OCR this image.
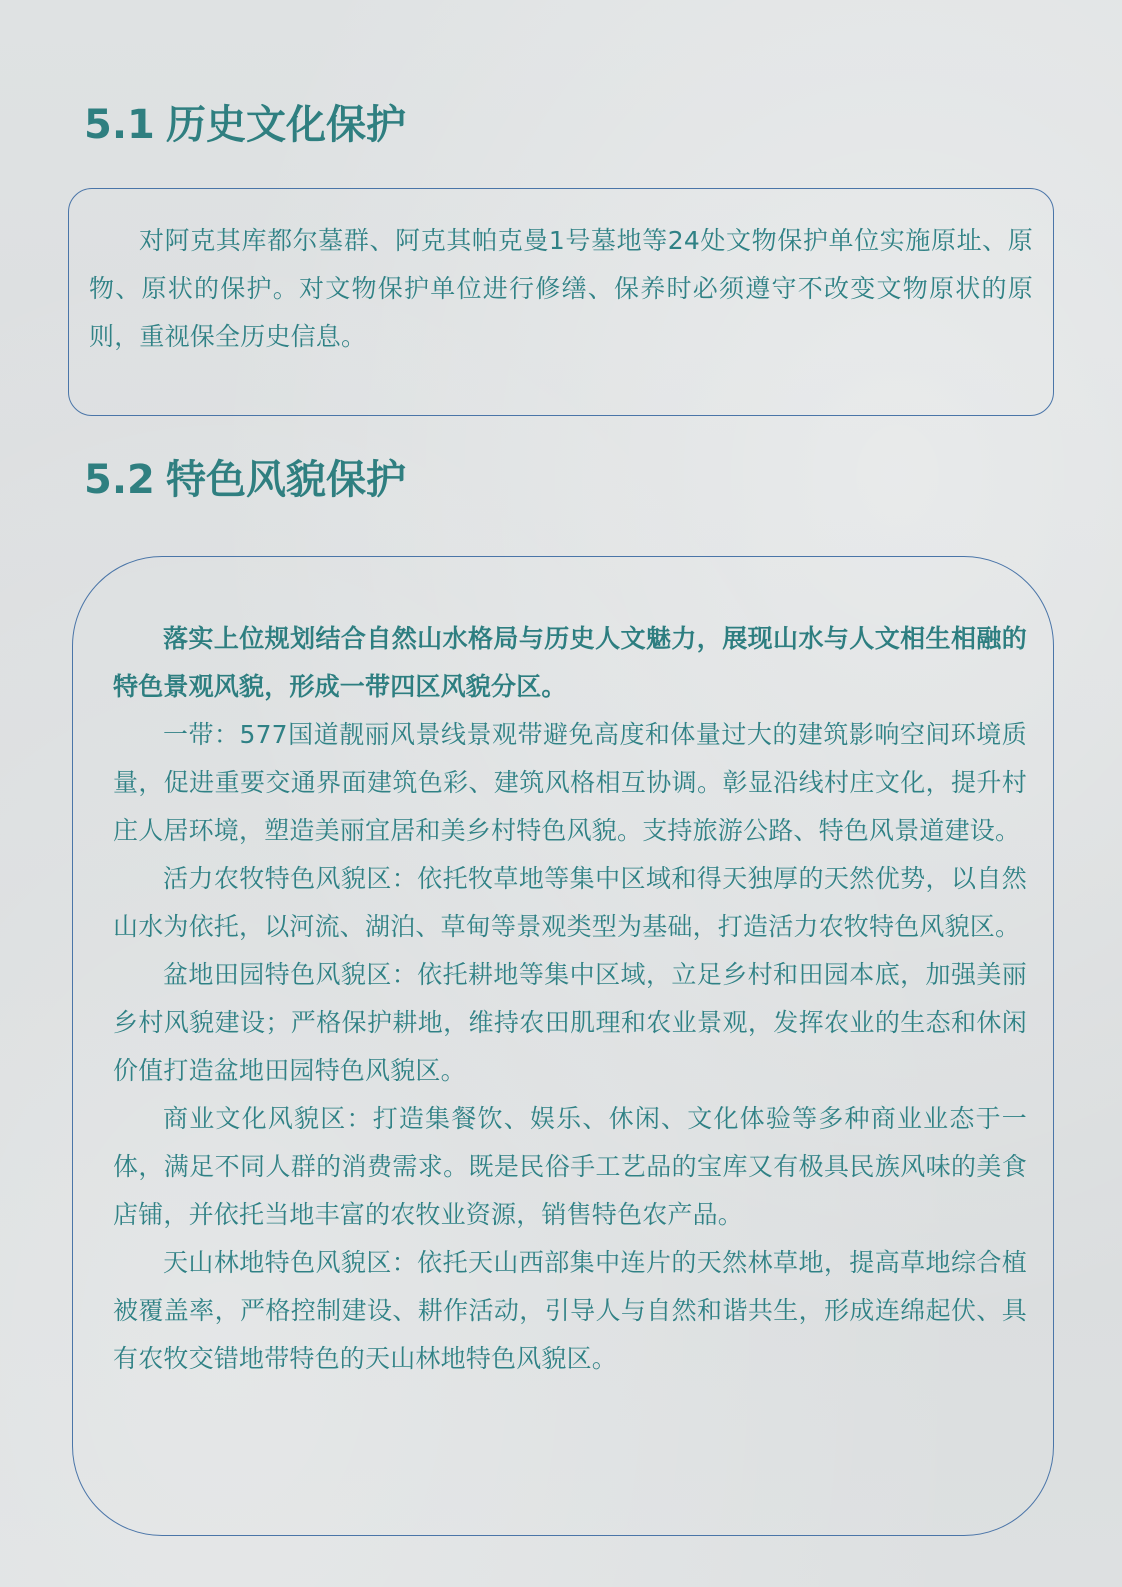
5.1 历史文化保护

对阿克其库都尔墓群、阿克其帕克曼1号墓地等24处文物保护单位实施原址、原物、原状的保护。对文物保护单位进行修缮、保养时必须遵守不改变文物原状的原则，重视保全历史信息。

5.2 特色风貌保护

落实上位规划结合自然山水格局与历史人文魅力，展现山水与人文相生相融的特色景观风貌，形成一带四区风貌分区。

一带：577国道靓丽风景线景观带避免高度和体量过大的建筑影响空间环境质量，促进重要交通界面建筑色彩、建筑风格相互协调。彰显沿线村庄文化，提升村庄人居环境，塑造美丽宜居和美乡村特色风貌。支持旅游公路、特色风景道建设。

活力农牧特色风貌区：依托牧草地等集中区域和得天独厚的天然优势，以自然山水为依托，以河流、湖泊、草甸等景观类型为基础，打造活力农牧特色风貌区。

盆地田园特色风貌区：依托耕地等集中区域，立足乡村和田园本底，加强美丽乡村风貌建设；严格保护耕地，维持农田肌理和农业景观，发挥农业的生态和休闲价值打造盆地田园特色风貌区。

商业文化风貌区：打造集餐饮、娱乐、休闲、文化体验等多种商业业态于一体，满足不同人群的消费需求。既是民俗手工艺品的宝库又有极具民族风味的美食店铺，并依托当地丰富的农牧业资源，销售特色农产品。

天山林地特色风貌区：依托天山西部集中连片的天然林草地，提高草地综合植被覆盖率，严格控制建设、耕作活动，引导人与自然和谐共生，形成连绵起伏、具有农牧交错地带特色的天山林地特色风貌区。
